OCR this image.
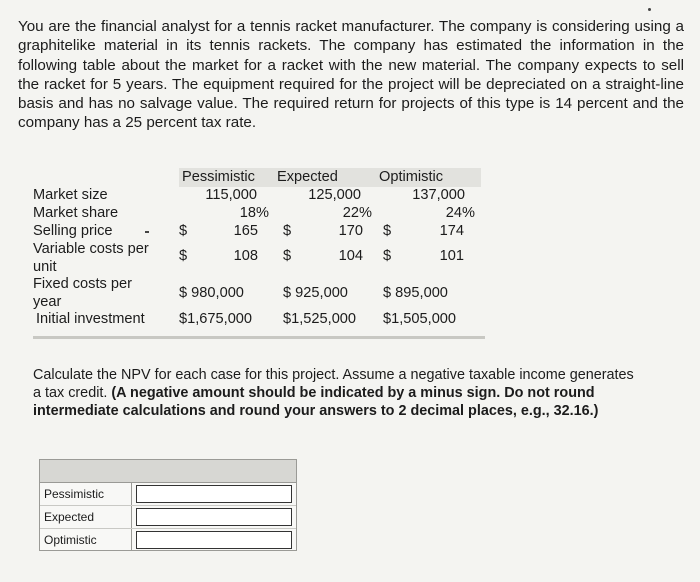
You are the financial analyst for a tennis racket manufacturer. The company is considering using a graphitelike material in its tennis rackets. The company has estimated the information in the following table about the market for a racket with the new material. The company expects to sell the racket for 5 years. The equipment required for the project will be depreciated on a straight-line basis and has no salvage value. The required return for projects of this type is 14 percent and the company has a 25 percent tax rate.

Pessimistic Expected	Optimistic
Market size	115,000	125,000	137,000
Market share	18%	22%	24%
Selling price	$	165 $	170 $	174
Variable costs per
unit
$	108 $	104 $	101
Fixed costs per
year
$ 980,000	$ 925,000 $ 895,000
Initial investment $1,675,000 $1,525,000 $1,505,000

Calculate the NPV for each case for this project. Assume a negative taxable income generates a tax credit. (A negative amount should be indicated by a minus sign. Do not round intermediate calculations and round your answers to 2 decimal places, e.g., 32.16.)

Pessimistic
Expected
Optimistic
